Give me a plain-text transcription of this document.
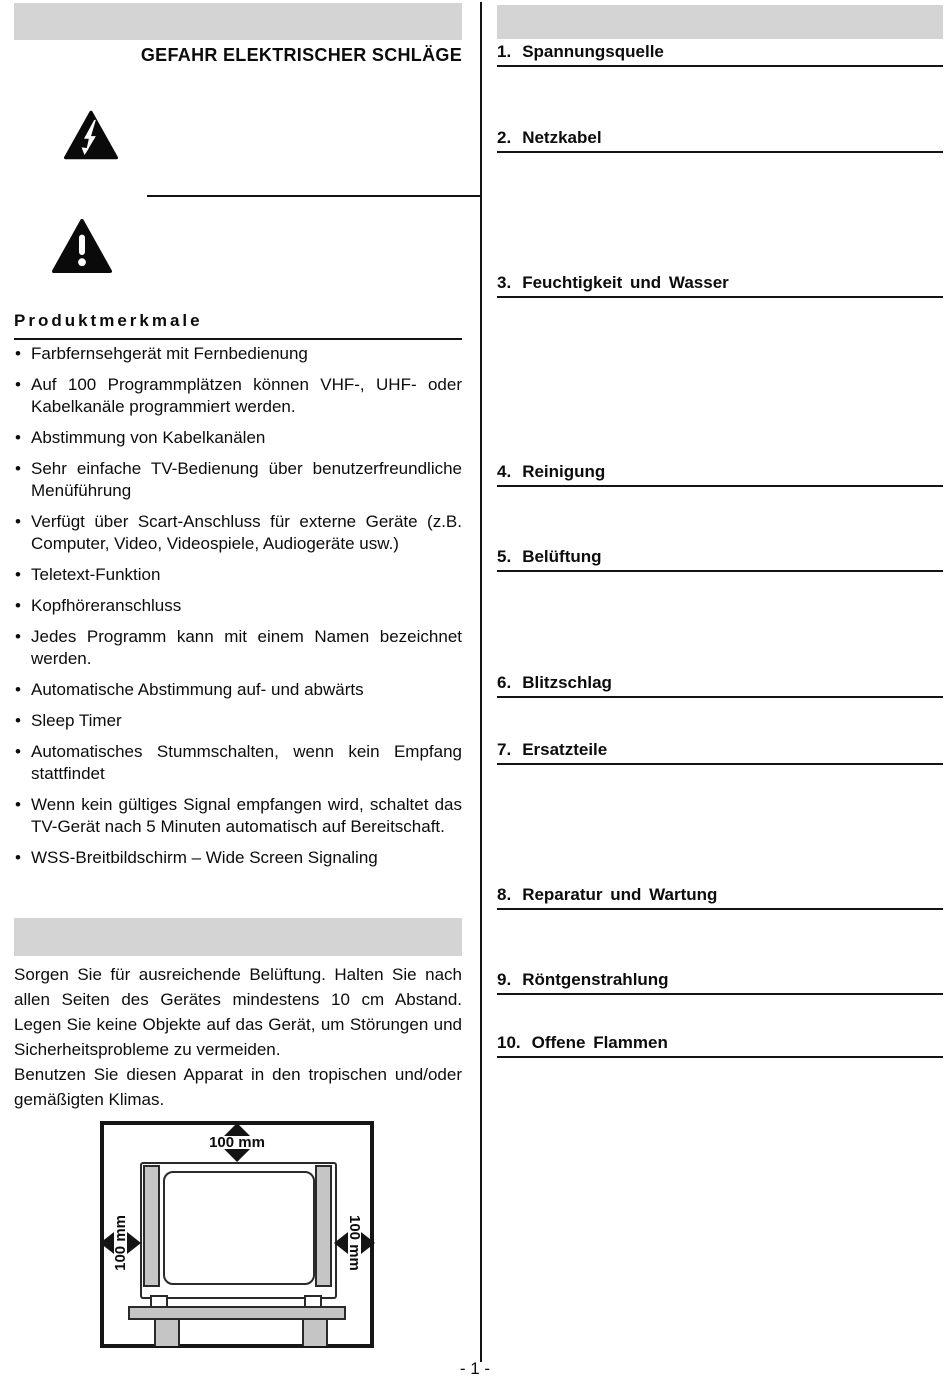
GEFAHR ELEKTRISCHER SCHLÄGE
Produktmerkmale
• Farbfernsehgerät mit Fernbedienung
• Auf 100 Programmplätzen können VHF-, UHF- oder Kabelkanäle programmiert werden.
• Abstimmung von Kabelkanälen
• Sehr einfache TV-Bedienung über benutzerfreundliche Menüführung
• Verfügt über Scart-Anschluss für externe Geräte (z.B. Computer, Video, Videospiele, Audiogeräte usw.)
• Teletext-Funktion
• Kopfhöreranschluss
• Jedes Programm kann mit einem Namen bezeichnet werden.
• Automatische Abstimmung auf- und abwärts
• Sleep Timer
• Automatisches Stummschalten, wenn kein Empfang stattfindet
• Wenn kein gültiges Signal empfangen wird, schaltet das TV-Gerät nach 5 Minuten automatisch auf Bereitschaft.
• WSS-Breitbildschirm – Wide Screen Signaling

Sorgen Sie für ausreichende Belüftung. Halten Sie nach allen Seiten des Gerätes mindestens 10 cm Abstand. Legen Sie keine Objekte auf das Gerät, um Störungen und Sicherheitsprobleme zu vermeiden.

Benutzen Sie diesen Apparat in den tropischen und/oder gemäßigten Klimas.

1. Spannungsquelle
2. Netzkabel
3. Feuchtigkeit und Wasser
4. Reinigung
5. Belüftung
6. Blitzschlag
7. Ersatzteile
8. Reparatur und Wartung
9. Röntgenstrahlung
10. Offene Flammen
100 mm
100 mm	100 mm
- 1 -
